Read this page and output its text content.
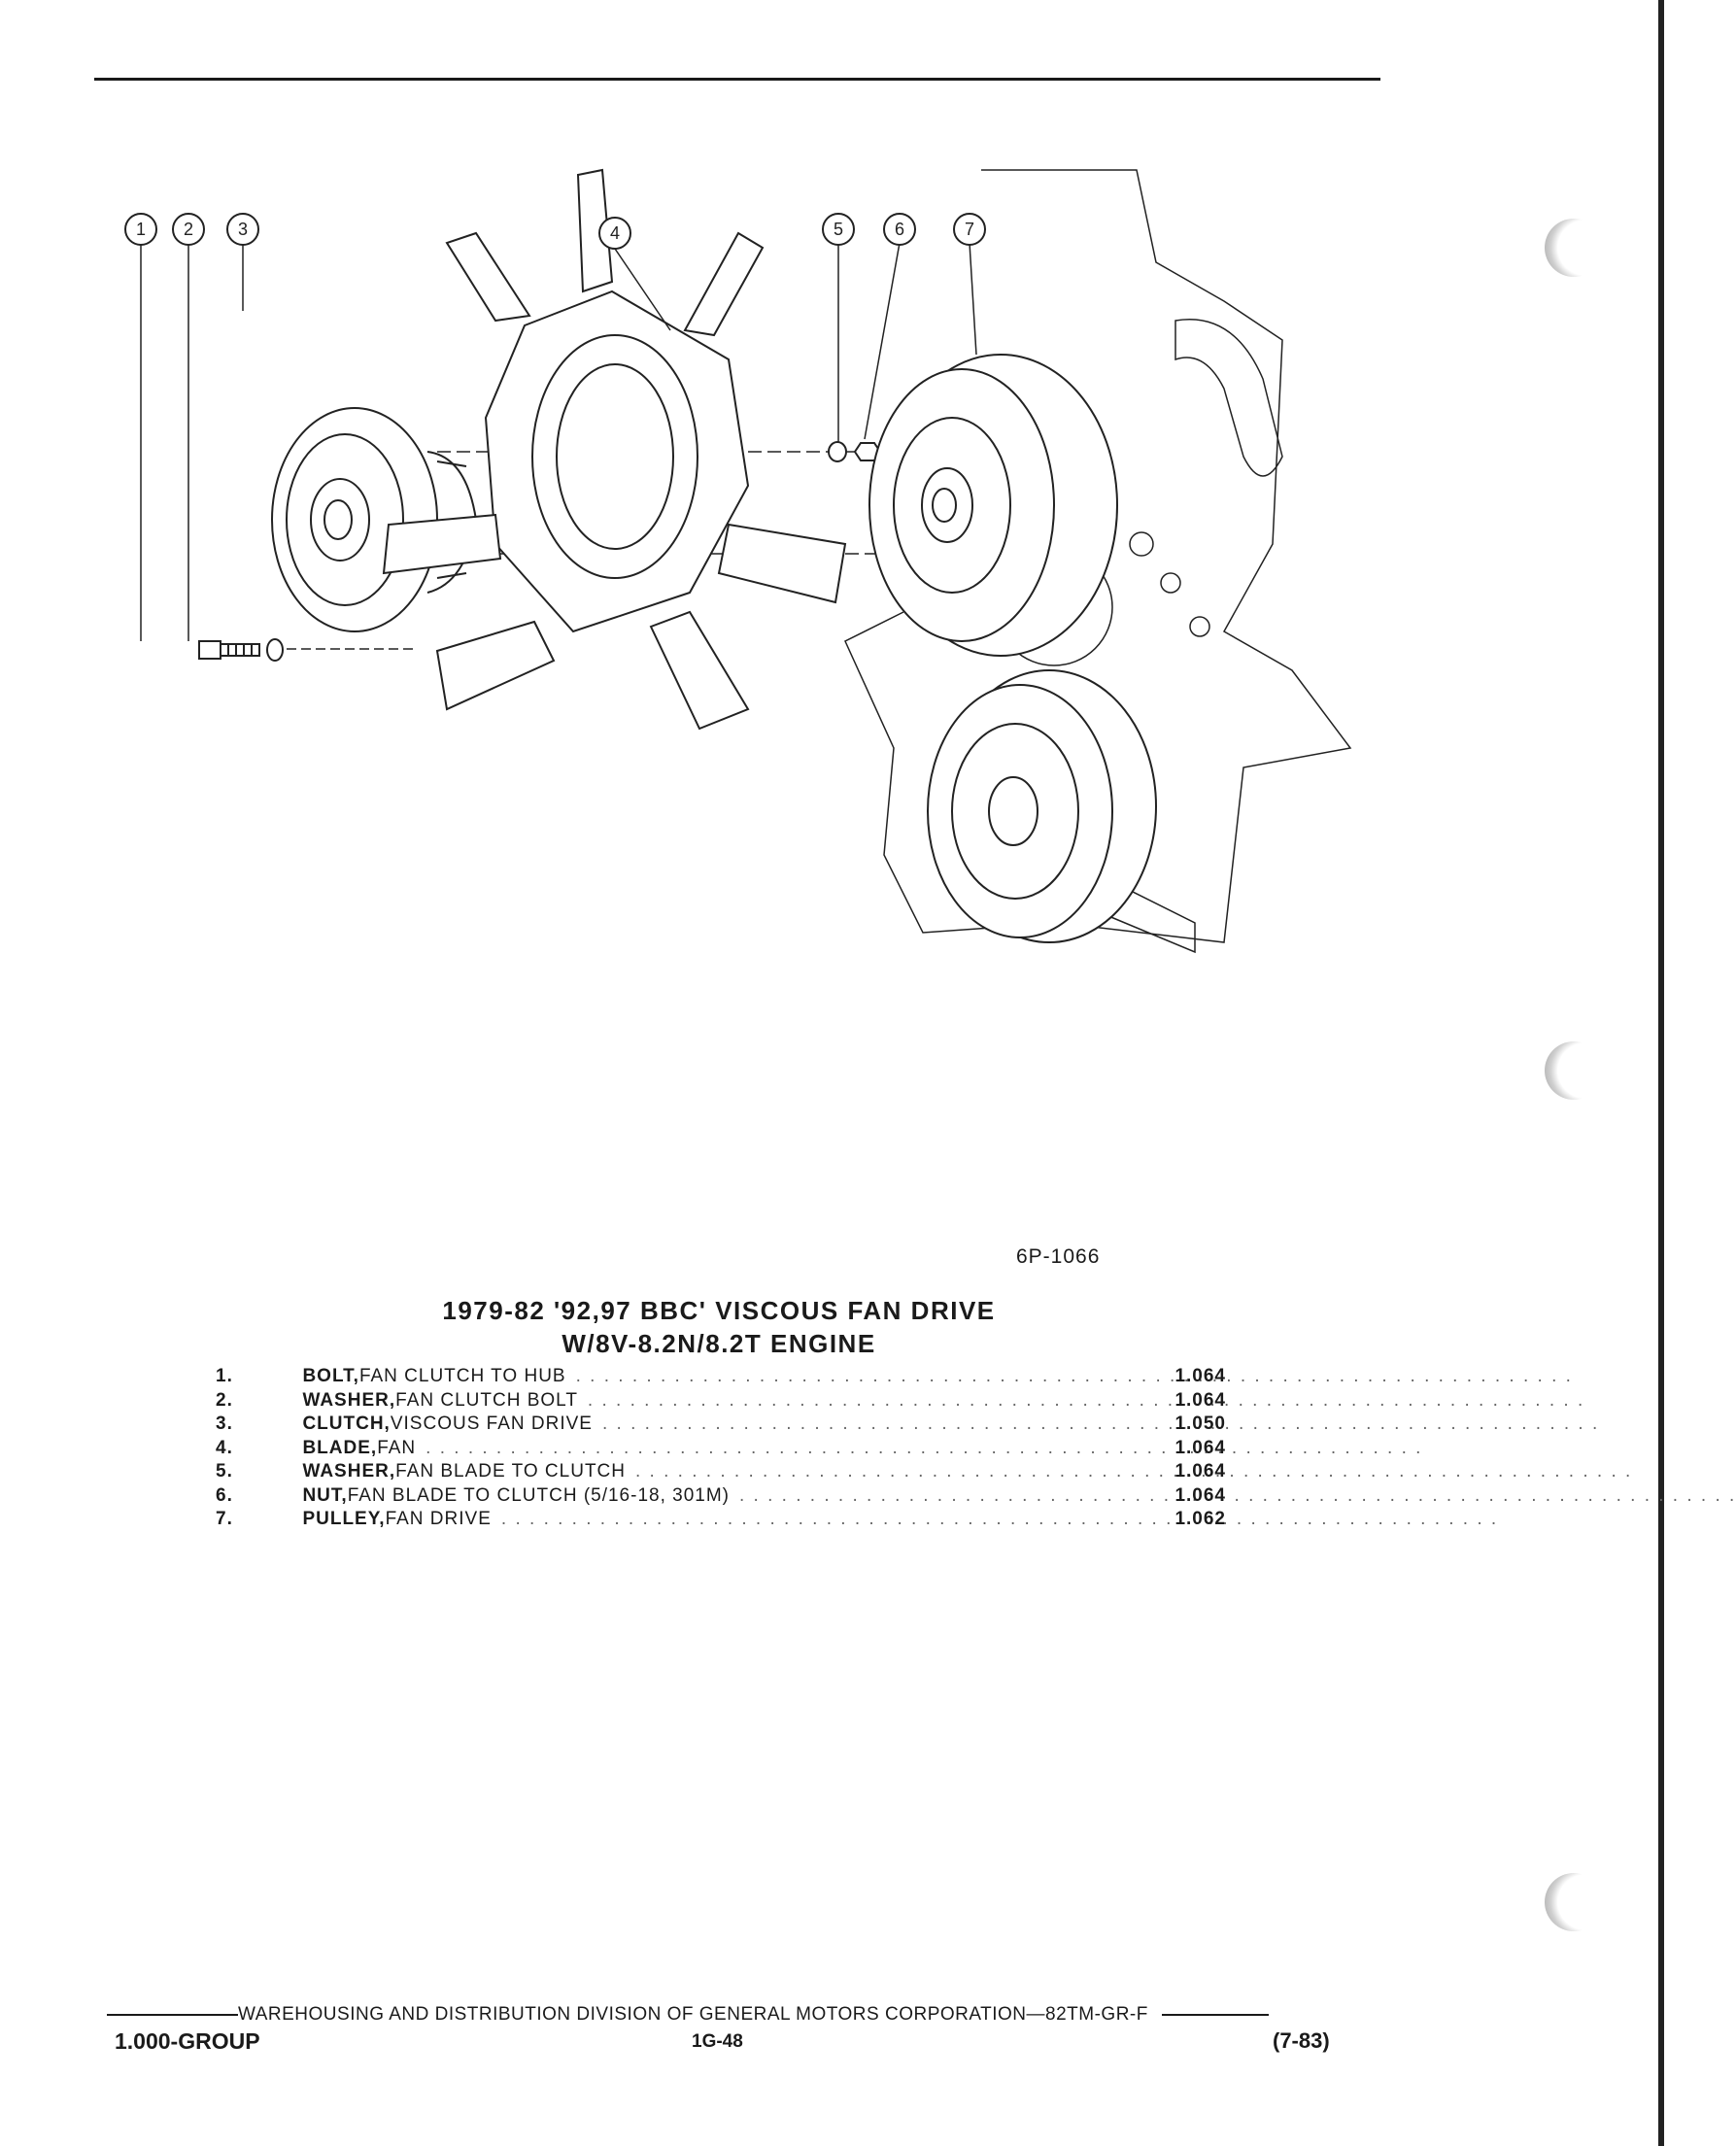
1 2	3	4	5	6	7
6P-1066
1979-82 '92,97 BBC' VISCOUS FAN DRIVE
W/8V-8.2N/8.2T ENGINE
1.	BOLT, FAN CLUTCH TO HUB . . .	1.064
2.	WASHER, FAN CLUTCH BOLT . . .	1.064
3.	CLUTCH, VISCOUS FAN DRIVE . . .	1.050
4.	BLADE, FAN . . .	1.064
5.	WASHER, FAN BLADE TO CLUTCH . . .	1.064
6.	NUT, FAN BLADE TO CLUTCH (5/16-18, 301M) . . .	1.064
7.	PULLEY, FAN DRIVE . . .	1.062
WAREHOUSING AND DISTRIBUTION DIVISION OF GENERAL MOTORS CORPORATION—82TM-GR-F
1.000-GROUP	1G-48	(7-83)
